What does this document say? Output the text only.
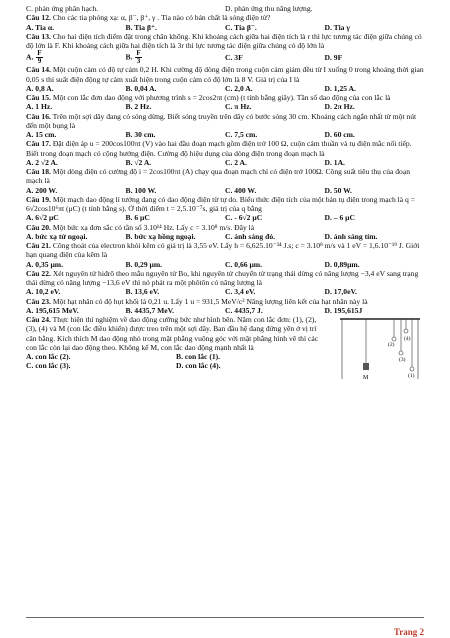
C. phản ứng phân hạch.	D. phản ứng thu năng lượng.

Câu 12. Cho các tia phóng xạ: α, β⁻, β⁺, γ . Tia nào có bản chất là sóng điện từ?

A. Tia α.	B. Tia β⁺.	C. Tia β⁻.	D. Tia γ

Câu 13. Cho hai điện tích điểm đặt trong chân không. Khi khoảng cách giữa hai điện tích là r thì lực tương tác điện giữa chúng có độ lớn là F. Khi khoảng cách giữa hai điện tích là 3r thì lực tương tác điện giữa chúng có độ lớn là

A. $\frac{F}{9}$	B. $\frac{F}{3}$	C. 3F	D. 9F

Câu 14. Một cuộn cảm có độ tự cảm 0,2 H. Khi cường độ dòng điện trong cuộn cảm giảm đều từ I xuống 0 trong khoảng thời gian 0,05 s thì suất điện động tự cảm xuất hiện trong cuộn cảm có độ lớn là 8 V. Giá trị của I là

A. 0,8 A.	B. 0,04 A.	C. 2,0 A.	D. 1,25 A.

Câu 15. Một con lắc đơn dao động với phương trình s = 2cos2πt (cm) (t tính bằng giây). Tần số dao động của con lắc là

A. 1 Hz.	B. 2 Hz.	C. π Hz.	D. 2π Hz.

Câu 16. Trên một sợi dây đang có sóng dừng. Biết sóng truyền trên dây có bước sóng 30 cm. Khoảng cách ngắn nhất từ một nút đến một bụng là

A. 15 cm.	B. 30 cm.	C. 7,5 cm.	D. 60 cm.

Câu 17. Đặt điện áp u = 200cos100πt (V) vào hai đầu đoạn mạch gồm điện trở 100 Ω, cuộn cảm thuần và tụ điện mắc nối tiếp. Biết trong đoạn mạch có cộng hưởng điện. Cường độ hiệu dụng của dòng điện trong đoạn mạch là

A. 2 √2 A.	B. √2 A.	C. 2 A.	D. 1A.

Câu 18. Một dòng điện có cường độ i = 2cos100πt (A) chạy qua đoạn mạch chỉ có điện trở 100Ω. Công suất tiêu thụ của đoạn mạch là

A. 200 W.	B. 100 W.	C. 400 W.	D. 50 W.

Câu 19. Một mạch dao động lí tưởng đang có dao động điện từ tự do. Biểu thức điện tích của một bản tụ điện trong mạch là q = 6√2cos10⁶πt (μC) (t tính bằng s). Ở thời điểm t = 2,5.10⁻⁷s, giá trị của q bằng

A. 6√2 μC	B. 6 μC	C. - 6√2 μC	D. – 6 μC

Câu 20. Một bức xạ đơn sắc có tần số 3.10¹⁴ Hz. Lấy c = 3.10⁸ m/s. Đây là

A. bức xạ tử ngoại.	B. bức xạ hồng ngoại.	C. ánh sáng đỏ.	D. ánh sáng tím.

Câu 21. Công thoát của electron khỏi kẽm có giá trị là 3,55 eV. Lấy h = 6,625.10⁻³⁴ J.s; c = 3.10⁸ m/s và 1 eV = 1,6.10⁻¹⁹ J. Giới hạn quang điện của kẽm là

A. 0,35 μm.	B. 0,29 μm.	C. 0,66 μm.	D. 0,89μm.

Câu 22. Xét nguyên tử hiđrô theo mẫu nguyên tử Bo, khi nguyên tử chuyển từ trạng thái dừng có năng lượng −3,4 eV sang trạng thái dừng có năng lượng −13,6 eV thì nó phát ra một phôtôn có năng lượng là

A. 10,2 eV.	B. 13,6 eV.	C. 3,4 eV.	D. 17,0eV.

Câu 23. Một hạt nhân có độ hụt khối là 0,21 u. Lấy 1 u = 931,5 MeV/c² Năng lượng liên kết của hạt nhân này là

A. 195,615 MeV.	B. 4435,7 MeV.	C. 4435,7 J.	D. 195,615J

Câu 24. Thực hiện thí nghiệm về dao động cưỡng bức như hình bên. Năm con lắc đơn: (1), (2), (3), (4) và M (con lắc điều khiển) được treo trên một sợi dây. Ban đầu hệ đang đứng yên ở vị trí cân bằng. Kích thích M dao động nhỏ trong mặt phẳng vuông góc với mặt phẳng hình vẽ thì các con lắc còn lại dao động theo. Không kể M, con lắc dao động mạnh nhất là

A. con lắc (2).	B. con lắc (1).
C. con lắc (3).	D. con lắc (4).
M
(2)
(3)
(4)
(1)
Trang 2
